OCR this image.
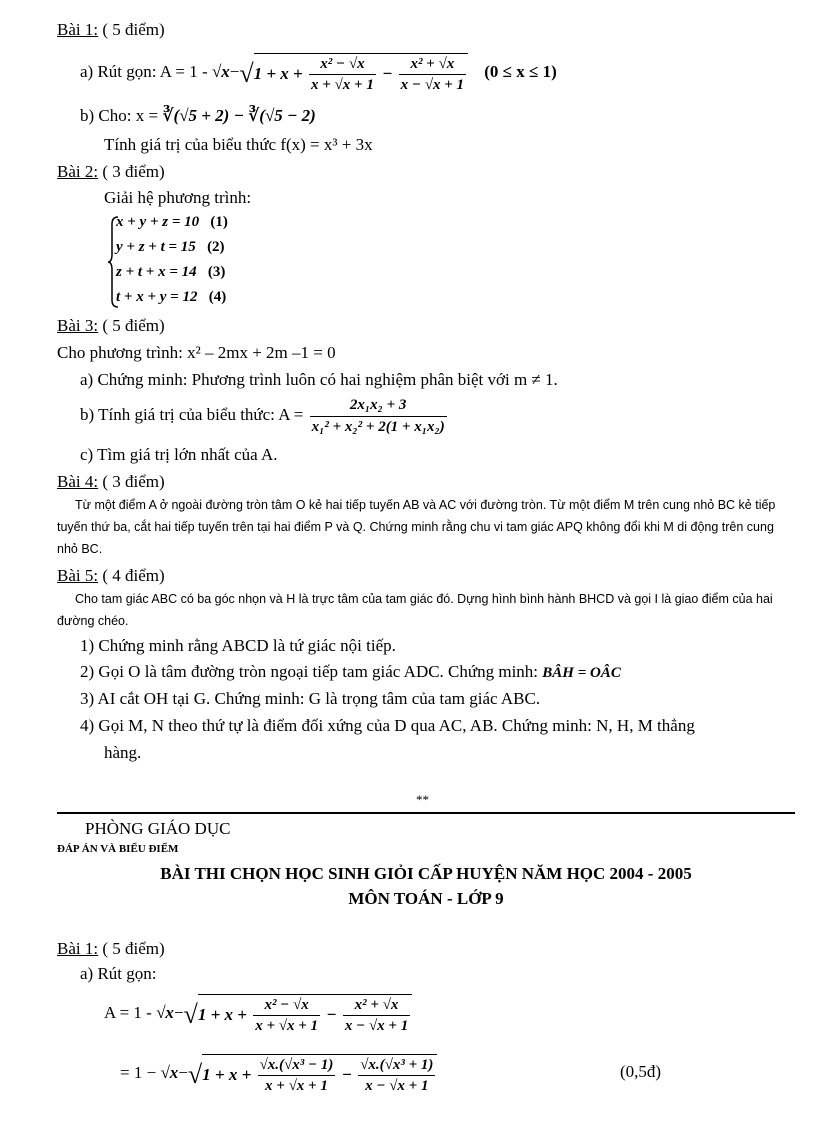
Bài 1: ( 5 điểm)
a) Rút gọn: $A = 1 - √x-√1 + x + \frac{\text{x² − √x}}{x + √x + 1} - \frac{\text{x² + √x}}{x - √x + 1} (0 \le x \le 1)$
b) Cho: x = ∛(√5 + 2) − ∛(√5 − 2)
Tính giá trị của biểu thức f(x) = x³ + 3x
Bài 2: ( 3 điểm)
Giải hệ phương trình:
x + y + z = 10 (1)
y + z + t = 15 (2)
z + t + x = 14 (3)
t + x + y = 12 (4)
Bài 3: ( 5 điểm)
Cho phương trình: x² – 2mx + 2m –1 = 0
a) Chứng minh: Phương trình luôn có hai nghiệm phân biệt với m ≠ 1.
b) Tính giá trị của biểu thức: $A = \frac{\text{2x₁x₂ + 3}}{\text{x₁² + x₂² + 2(1 + x₁x₂)}}$
c) Tìm giá trị lớn nhất của A.
Bài 4: ( 3 điểm)
Từ một điểm A ở ngoài đường tròn tâm O kẻ hai tiếp tuyến AB và AC với đường tròn. Từ một điểm M trên cung nhỏ BC kẻ tiếp tuyến thứ ba, cắt hai tiếp tuyến trên tại hai điểm P và Q. Chứng minh rằng chu vi tam giác APQ không đổi khi M di động trên cung nhỏ BC.
Bài 5: ( 4 điểm)
Cho tam giác ABC có ba góc nhọn và H là trực tâm của tam giác đó. Dựng hình bình hành BHCD và gọi I là giao điểm của hai đường chéo.
1) Chứng minh rằng ABCD là tứ giác nội tiếp.
2) Gọi O là tâm đường tròn ngoại tiếp tam giác ADC. Chứng minh: BÂH = OÂC
3) AI cắt OH tại G. Chứng minh: G là trọng tâm của tam giác ABC.
4) Gọi M, N theo thứ tự là điểm đối xứng của D qua AC, AB. Chứng minh: N, H, M thẳng
hàng.
**
PHÒNG GIÁO DỤC
ĐÁP ÁN VÀ BIỂU ĐIỂM
BÀI THI CHỌN HỌC SINH GIỎI CẤP HUYỆN NĂM HỌC 2004 - 2005
MÔN TOÁN - LỚP 9
Bài 1: ( 5 điểm)
a) Rút gọn:
$A = 1 - √x-√1 + x + \frac{\text{x² − √x}}{x + √x + 1} - \frac{\text{x² + √x}}{x - √x + 1}$
= $1 - √x-√1 + x + \frac{\text{√x.(√x³ − 1)}}{x + √x + 1} - \frac{\text{√x.(√x³ + 1)}}{x - √x + 1}$	(0,5đ)
